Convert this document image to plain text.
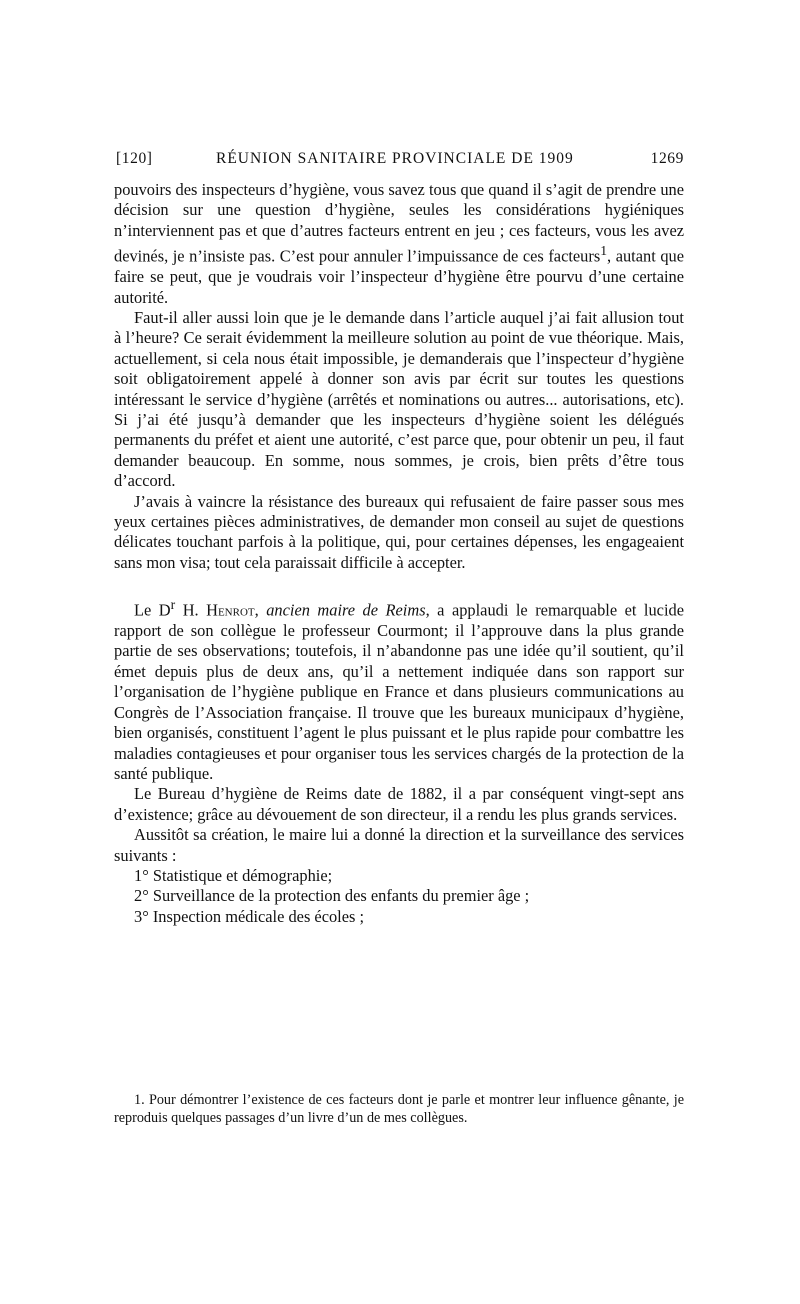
[120]	RÉUNION SANITAIRE PROVINCIALE DE 1909	1269

pouvoirs des inspecteurs d’hygiène, vous savez tous que quand il s’agit de prendre une décision sur une question d’hygiène, seules les considérations hygiéniques n’interviennent pas et que d’autres facteurs entrent en jeu ; ces facteurs, vous les avez devinés, je n’insiste pas. C’est pour annuler l’impuissance de ces facteurs$^1$, autant que faire se peut, que je voudrais voir l’inspecteur d’hygiène être pourvu d’une certaine autorité.

Faut-il aller aussi loin que je le demande dans l’article auquel j’ai fait allusion tout à l’heure? Ce serait évidemment la meilleure solution au point de vue théorique. Mais, actuellement, si cela nous était impossible, je demanderais que l’inspecteur d’hygiène soit obligatoirement appelé à donner son avis par écrit sur toutes les questions intéressant le service d’hygiène (arrêtés et nominations ou autres... autorisations, etc). Si j’ai été jusqu’à demander que les inspecteurs d’hygiène soient les délégués permanents du préfet et aient une autorité, c’est parce que, pour obtenir un peu, il faut demander beaucoup. En somme, nous sommes, je crois, bien prêts d’être tous d’accord.

J’avais à vaincre la résistance des bureaux qui refusaient de faire passer sous mes yeux certaines pièces administratives, de demander mon conseil au sujet de questions délicates touchant parfois à la politique, qui, pour certaines dépenses, les engageaient sans mon visa; tout cela paraissait difficile à accepter.

Le $D^r$ H. Henrot, ancien maire de Reims, a applaudi le remarquable et lucide rapport de son collègue le professeur Courmont; il l’approuve dans la plus grande partie de ses observations; toutefois, il n’abandonne pas une idée qu’il soutient, qu’il émet depuis plus de deux ans, qu’il a nettement indiquée dans son rapport sur l’organisation de l’hygiène publique en France et dans plusieurs communications au Congrès de l’Association française. Il trouve que les bureaux municipaux d’hygiène, bien organisés, constituent l’agent le plus puissant et le plus rapide pour combattre les maladies contagieuses et pour organiser tous les services chargés de la protection de la santé publique.

Le Bureau d’hygiène de Reims date de 1882, il a par conséquent vingt-sept ans d’existence; grâce au dévouement de son directeur, il a rendu les plus grands services.

Aussitôt sa création, le maire lui a donné la direction et la surveillance des services suivants :

1° Statistique et démographie;

2° Surveillance de la protection des enfants du premier âge ;

3° Inspection médicale des écoles ;

1. Pour démontrer l’existence de ces facteurs dont je parle et montrer leur influence gênante, je reproduis quelques passages d’un livre d’un de mes collègues.
